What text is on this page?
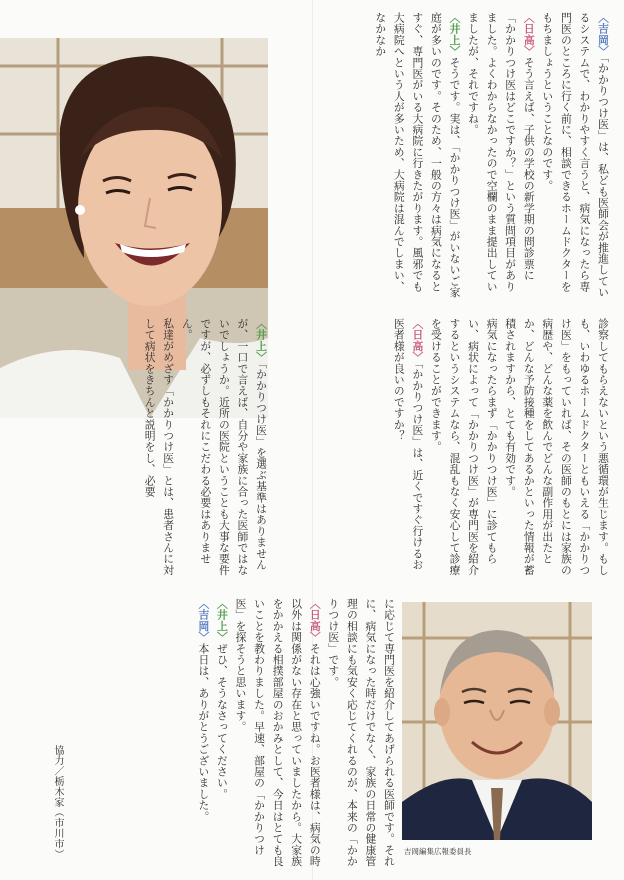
〈吉岡〉「かかりつけ医」は、私ども医師会が推進しているシステムで、わかりやすく言うと、病気になったら専門医のところに行く前に、相談できるホームドクターをもちましょうということなのです。

〈日高〉そう言えば、子供の学校の新学期の問診票に「かかりつけ医はどこですか？」という質問項目がありました。よくわからなかったので空欄のまま提出していましたが、それですね。

〈井上〉そうです。実は、「かかりつけ医」がいないご家庭が多いのです。そのため、一般の方々は病気になるとすぐ、専門医がいる大病院に行きたがります。風邪でも大病院へという人が多いため、大病院は混んでしまい、なかなか

診察してもらえないという悪循環が生じます。もしも、いわゆるホームドクターともいえる「かかりつけ医」をもっていれば、その医師のもとには家族の病歴や、どんな薬を飲んでどんな副作用が出たとか、どんな予防接種をしてあるかといった情報が蓄積されますから、とても有効です。

病気になったらまず「かかりつけ医」に診てもらい、病状によって「かかりつけ医」が専門医を紹介するというシステムなら、混乱もなく安心して診療を受けることができます。

〈日高〉「かかりつけ医」は、近くですぐ行けるお医者様が良いのですか？

〈井上〉「かかりつけ医」を選ぶ基準はありませんが、一口で言えば、自分や家族に合った医師ではないでしょうか。近所の医院ということも大事な要件ですが、必ずしもそれにこだわる必要はありません。

私達がめざす「かかりつけ医」とは、患者さんに対して病状をきちんと説明をし、必要

吉岡編集広報委員長

に応じて専門医を紹介してあげられる医師です。それに、病気になった時だけでなく、家族の日常の健康管理の相談にも気安く応じてくれるのが、本来の「かかりつけ医」です。

〈日高〉それは心強いですね。お医者様は、病気の時以外は関係がない存在と思っていましたから。大家族をかかえる相撲部屋のおかみとして、今日はとても良いことを教わりました。早速、部屋の「かかりつけ医」を探そうと思います。

〈井上〉ぜひ、そうなさってください。

〈吉岡〉本日は、ありがとうございました。

協力／栃木家（市川市）
